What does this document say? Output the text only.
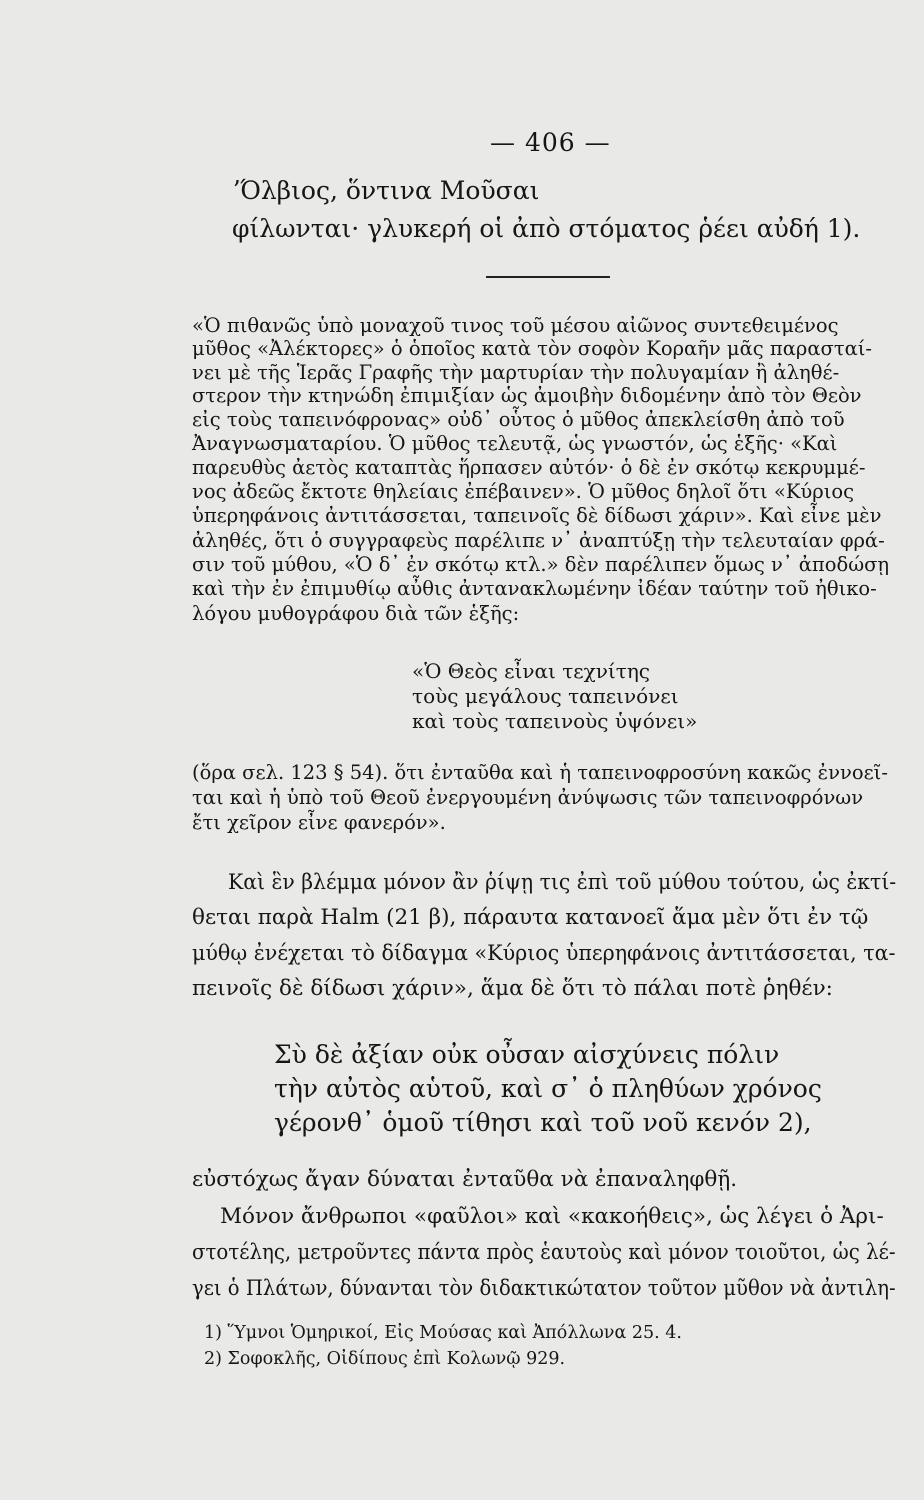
— 406 —
ʼΌλβιος, ὅντινα Μοῦσαι
φίλωνται· γλυκερή οἱ ἀπὸ στόματος ῥέει αὐδή 1).
«Ὁ πιθανῶς ὑπὸ μοναχοῦ τινος τοῦ μέσου αἰῶνος συντεθειμένος
μῦθος «Ἀλέκτορες» ὁ ὁποῖος κατὰ τὸν σοφὸν Κοραῆν μᾶς παρασταί-
νει μὲ τῆς Ἱερᾶς Γραφῆς τὴν μαρτυρίαν τὴν πολυγαμίαν ἢ ἀληθέ-
στερον τὴν κτηνώδη ἐπιμιξίαν ὡς ἀμοιβὴν διδομένην ἀπὸ τὸν Θεὸν
εἰς τοὺς ταπεινόφρονας» οὐδ᾽ οὗτος ὁ μῦθος ἀπεκλείσθη ἀπὸ τοῦ
Ἀναγνωσματαρίου. Ὁ μῦθος τελευτᾷ, ὡς γνωστόν, ὡς ἑξῆς· «Καὶ
παρευθὺς ἀετὸς καταπτὰς ἥρπασεν αὐτόν· ὁ δὲ ἐν σκότῳ κεκρυμμέ-
νος ἀδεῶς ἔκτοτε θηλείαις ἐπέβαινεν». Ὁ μῦθος δηλοῖ ὅτι «Κύριος
ὑπερηφάνοις ἀντιτάσσεται, ταπεινοῖς δὲ δίδωσι χάριν». Καὶ εἶνε μὲν
ἀληθές, ὅτι ὁ συγγραφεὺς παρέλιπε ν᾽ ἀναπτύξῃ τὴν τελευταίαν φρά-
σιν τοῦ μύθου, «Ὁ δ᾽ ἐν σκότῳ κτλ.» δὲν παρέλιπεν ὅμως ν᾽ ἀποδώσῃ
καὶ τὴν ἐν ἐπιμυθίῳ αὖθις ἀντανακλωμένην ἰδέαν ταύτην τοῦ ἠθικο-
λόγου μυθογράφου διὰ τῶν ἑξῆς:
«Ὁ Θεὸς εἶναι τεχνίτης
τοὺς μεγάλους ταπεινόνει
καὶ τοὺς ταπεινοὺς ὑψόνει»
(ὅρα σελ. 123 § 54). ὅτι ἐνταῦθα καὶ ἡ ταπεινοφροσύνη κακῶς ἐννοεῖ-
ται καὶ ἡ ὑπὸ τοῦ Θεοῦ ἐνεργουμένη ἀνύψωσις τῶν ταπεινοφρόνων
ἔτι χεῖρον εἶνε φανερόν».
Καὶ ἓν βλέμμα μόνον ἂν ῥίψῃ τις ἐπὶ τοῦ μύθου τούτου, ὡς ἐκτί-
θεται παρὰ Halm (21 β), πάραυτα κατανοεῖ ἅμα μὲν ὅτι ἐν τῷ
μύθῳ ἐνέχεται τὸ δίδαγμα «Κύριος ὑπερηφάνοις ἀντιτάσσεται, τα-
πεινοῖς δὲ δίδωσι χάριν», ἅμα δὲ ὅτι τὸ πάλαι ποτὲ ῥηθέν:
Σὺ δὲ ἀξίαν οὐκ οὖσαν αἰσχύνεις πόλιν
τὴν αὐτὸς αὑτοῦ, καὶ σ᾽ ὁ πληθύων χρόνος
γέρονθ᾽ ὁμοῦ τίθησι καὶ τοῦ νοῦ κενόν 2),
εὐστόχως ἄγαν δύναται ἐνταῦθα νὰ ἐπαναληφθῇ.
Μόνον ἄνθρωποι «φαῦλοι» καὶ «κακοήθεις», ὡς λέγει ὁ Ἀρι-
στοτέλης, μετροῦντες πάντα πρὸς ἑαυτοὺς καὶ μόνον τοιοῦτοι, ὡς λέ-
γει ὁ Πλάτων, δύνανται τὸν διδακτικώτατον τοῦτον μῦθον νὰ ἀντιλη-
1) Ὕμνοι Ὁμηρικοί, Εἰς Μούσας καὶ Ἀπόλλωνα 25. 4.
2) Σοφοκλῆς, Οἰδίπους ἐπὶ Κολωνῷ 929.
